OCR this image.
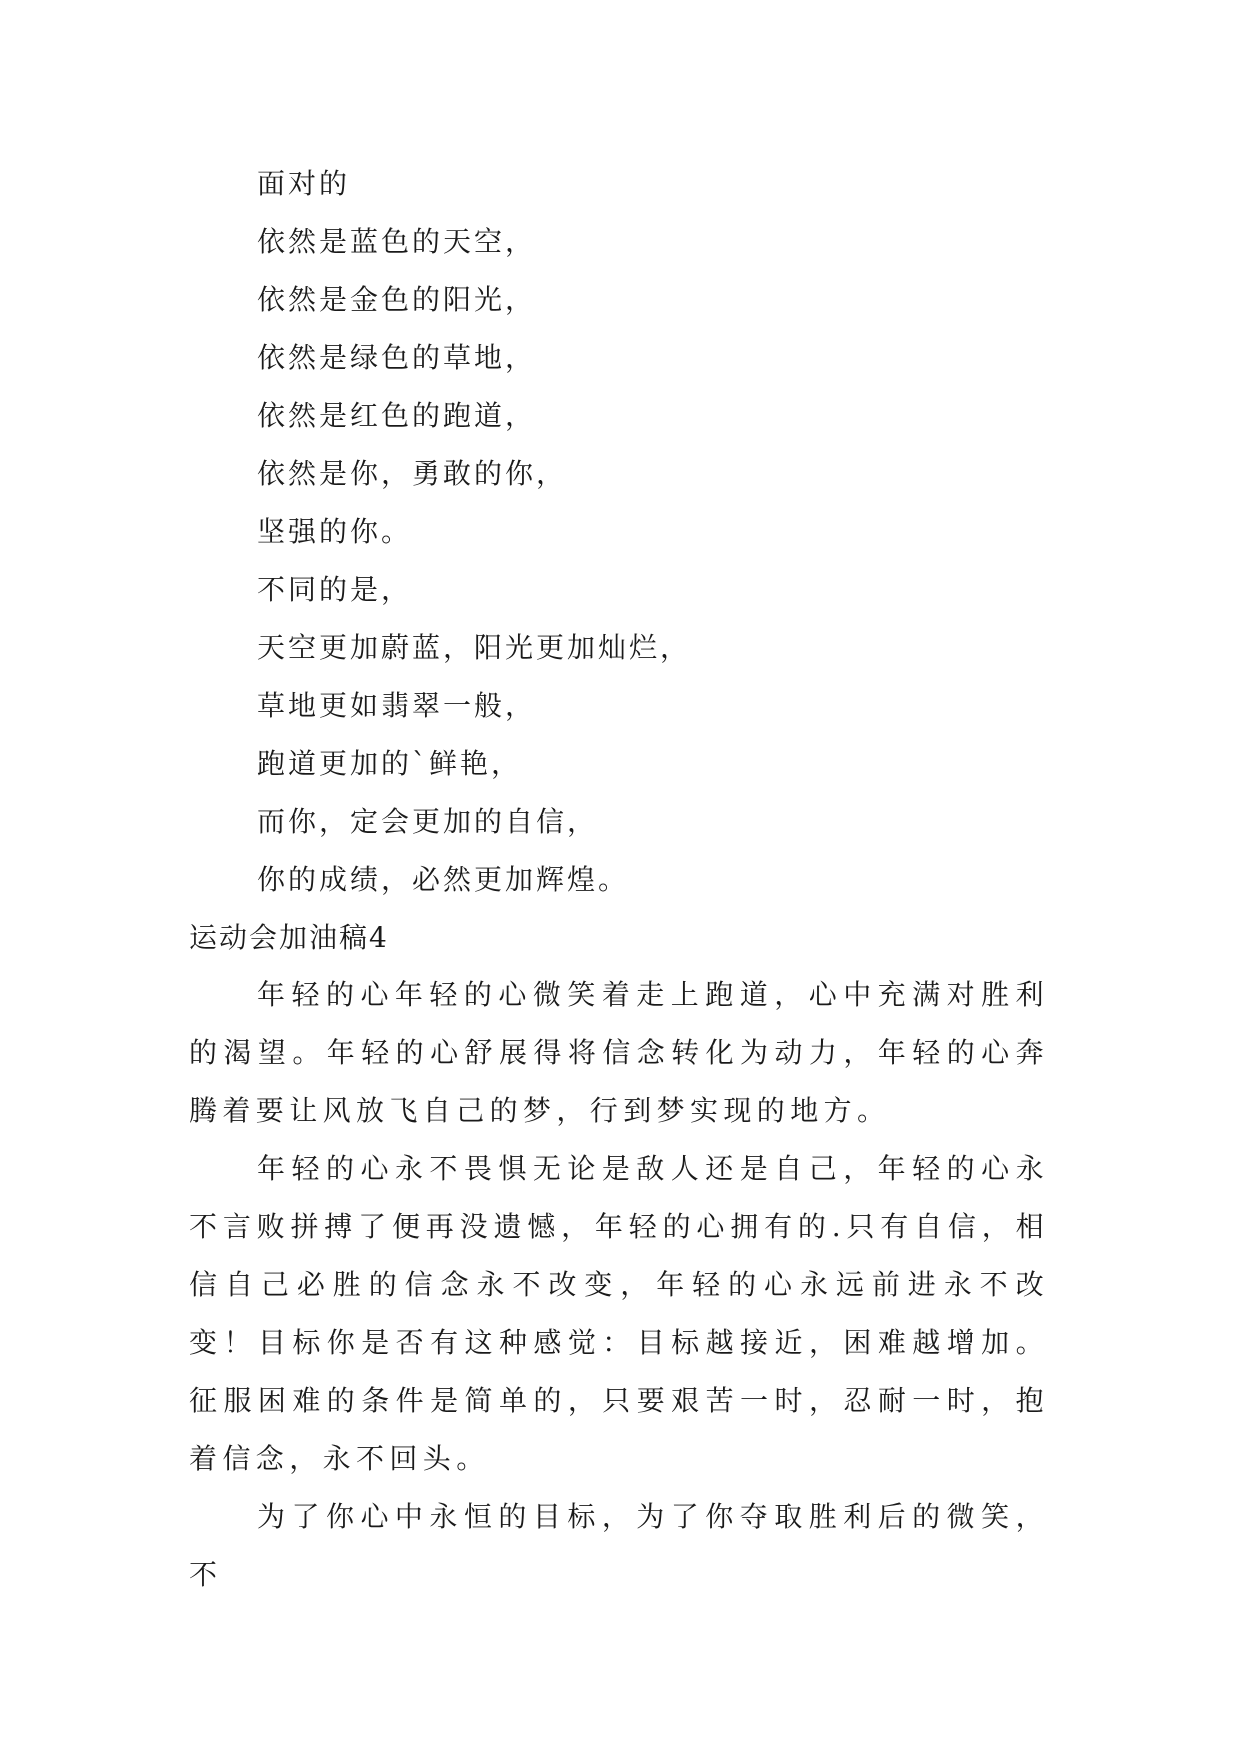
面对的
依然是蓝色的天空，
依然是金色的阳光，
依然是绿色的草地，
依然是红色的跑道，
依然是你，勇敢的你，
坚强的你。
不同的是，
天空更加蔚蓝，阳光更加灿烂，
草地更如翡翠一般，
跑道更加的`鲜艳，
而你，定会更加的自信，
你的成绩，必然更加辉煌。
运动会加油稿4
年轻的心年轻的心微笑着走上跑道，心中充满对胜利的渴望。年轻的心舒展得将信念转化为动力，年轻的心奔腾着要让风放飞自己的梦，行到梦实现的地方。
年轻的心永不畏惧无论是敌人还是自己，年轻的心永不言败拼搏了便再没遗憾，年轻的心拥有的.只有自信，相信自己必胜的信念永不改变，年轻的心永远前进永不改变！目标你是否有这种感觉：目标越接近，困难越增加。征服困难的条件是简单的，只要艰苦一时，忍耐一时，抱着信念，永不回头。
为了你心中永恒的目标，为了你夺取胜利后的微笑，不
